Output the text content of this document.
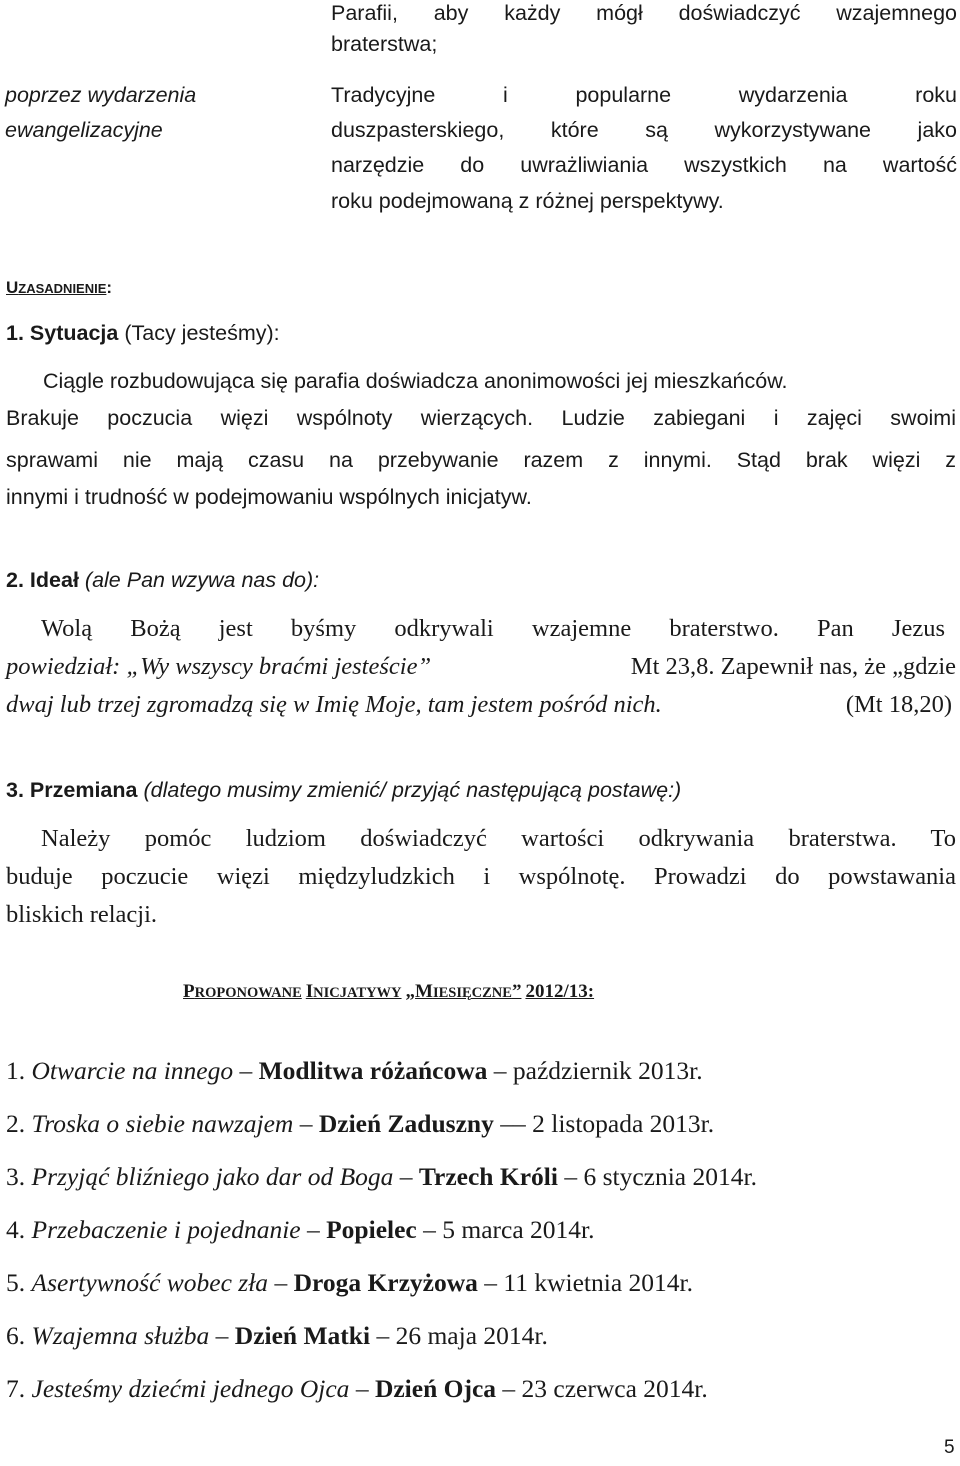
Parafii, aby każdy mógł doświadczyć wzajemnego
braterstwa;
poprzez wydarzenia
ewangelizacyjne
Tradycyjne i popularne wydarzenia roku
duszpasterskiego, które są wykorzystywane jako
narzędzie do uwrażliwiania wszystkich na wartość
roku podejmowaną z różnej perspektywy.
UZASADNIENIE:
1. Sytuacja (Tacy jesteśmy):
Ciągle rozbudowująca się parafia doświadcza anonimowości jej mieszkańców.
Brakuje poczucia więzi wspólnoty wierzących. Ludzie zabiegani i zajęci swoimi
sprawami nie mają czasu na przebywanie razem z innymi. Stąd brak więzi z
innymi i trudność w podejmowaniu wspólnych inicjatyw.
2. Ideał (ale Pan wzywa nas do):
Wolą Bożą jest byśmy odkrywali wzajemne braterstwo. Pan Jezus
powiedział: „Wy wszyscy braćmi jesteście”	Mt 23,8. Zapewnił nas, że „gdzie
dwaj lub trzej zgromadzą się w Imię Moje, tam jestem pośród nich.	(Mt 18,20)
3. Przemiana (dlatego musimy zmienić/ przyjąć następującą postawę:)
Należy pomóc ludziom doświadczyć wartości odkrywania braterstwa. To
buduje poczucie więzi międzyludzkich i wspólnotę. Prowadzi do powstawania
bliskich relacji.
PROPONOWANE INICJATYWY „MIESIĘCZNE” 2012/13:
1. Otwarcie na innego – Modlitwa różańcowa – październik 2013r.
2. Troska o siebie nawzajem – Dzień Zaduszny –– 2 listopada 2013r.
3. Przyjąć bliźniego jako dar od Boga – Trzech Króli – 6 stycznia 2014r.
4. Przebaczenie i pojednanie – Popielec – 5 marca 2014r.
5. Asertywność wobec zła – Droga Krzyżowa – 11 kwietnia 2014r.
6. Wzajemna służba – Dzień Matki – 26 maja 2014r.
7. Jesteśmy dziećmi jednego Ojca – Dzień Ojca – 23 czerwca 2014r.
5
